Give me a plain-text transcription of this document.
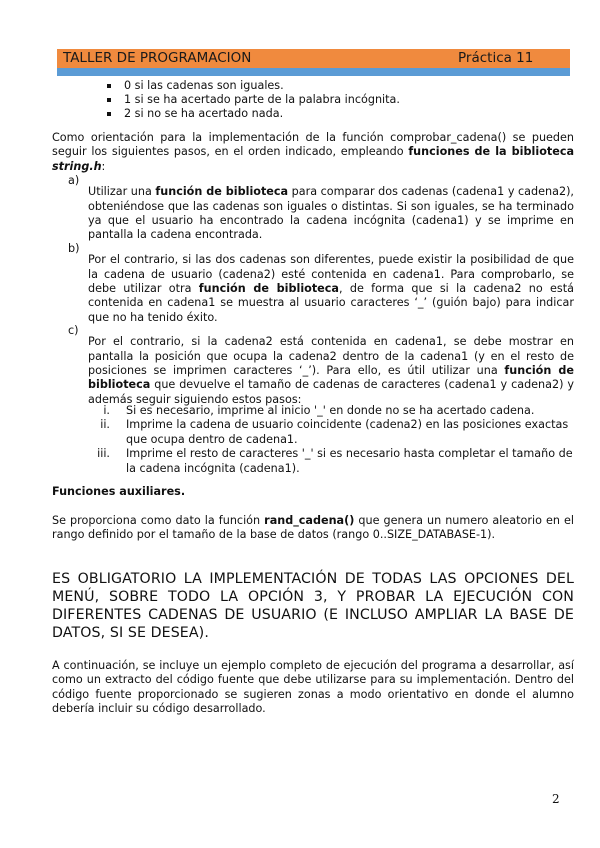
TALLER DE PROGRAMACION	Práctica 11
0 si las cadenas son iguales.
1 si se ha acertado parte de la palabra incógnita.
2 si no se ha acertado nada.

Como orientación para la implementación de la función comprobar_cadena() se pueden seguir los siguientes pasos, en el orden indicado, empleando funciones de la biblioteca string.h:

a)

Utilizar una función de biblioteca para comparar dos cadenas (cadena1 y cadena2), obteniéndose que las cadenas son iguales o distintas. Si son iguales, se ha terminado ya que el usuario ha encontrado la cadena incógnita (cadena1) y se imprime en pantalla la cadena encontrada.

b)

Por el contrario, si las dos cadenas son diferentes, puede existir la posibilidad de que la cadena de usuario (cadena2) esté contenida en cadena1. Para comprobarlo, se debe utilizar otra función de biblioteca, de forma que si la cadena2 no está contenida en cadena1 se muestra al usuario caracteres ‘_’ (guión bajo) para indicar que no ha tenido éxito.

c)

Por el contrario, si la cadena2 está contenida en cadena1, se debe mostrar en pantalla la posición que ocupa la cadena2 dentro de la cadena1 (y en el resto de posiciones se imprimen caracteres ‘_’). Para ello, es útil utilizar una función de biblioteca que devuelve el tamaño de cadenas de caracteres (cadena1 y cadena2) y además seguir siguiendo estos pasos:

i. Si es necesario, imprime al inicio '_' en donde no se ha acertado cadena.
ii. Imprime la cadena de usuario coincidente (cadena2) en las posiciones exactas que ocupa dentro de cadena1.
iii. Imprime el resto de caracteres '_' si es necesario hasta completar el tamaño de la cadena incógnita (cadena1).
Funciones auxiliares.

Se proporciona como dato la función rand_cadena() que genera un numero aleatorio en el rango definido por el tamaño de la base de datos (rango 0..SIZE_DATABASE-1).

ES OBLIGATORIO LA IMPLEMENTACIÓN DE TODAS LAS OPCIONES DEL MENÚ, SOBRE TODO LA OPCIÓN 3, Y PROBAR LA EJECUCIÓN CON DIFERENTES CADENAS DE USUARIO (E INCLUSO AMPLIAR LA BASE DE DATOS, SI SE DESEA).

A continuación, se incluye un ejemplo completo de ejecución del programa a desarrollar, así como un extracto del código fuente que debe utilizarse para su implementación. Dentro del código fuente proporcionado se sugieren zonas a modo orientativo en donde el alumno debería incluir su código desarrollado.

2
